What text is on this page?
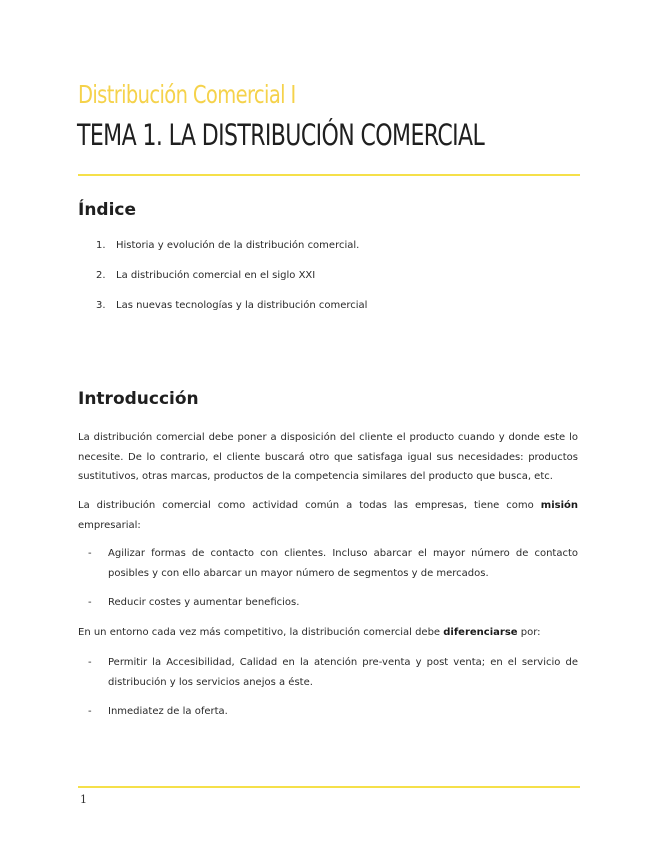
Distribución Comercial I
TEMA 1. LA DISTRIBUCIÓN COMERCIAL
Índice
1. Historia y evolución de la distribución comercial.
2. La distribución comercial en el siglo XXI
3. Las nuevas tecnologías y la distribución comercial
Introducción
La distribución comercial debe poner a disposición del cliente el producto cuando y donde este lo necesite. De lo contrario, el cliente buscará otro que satisfaga igual sus necesidades: productos sustitutivos, otras marcas, productos de la competencia similares del producto que busca, etc.
La distribución comercial como actividad común a todas las empresas, tiene como misión empresarial:
- Agilizar formas de contacto con clientes. Incluso abarcar el mayor número de contacto posibles y con ello abarcar un mayor número de segmentos y de mercados.
- Reducir costes y aumentar beneficios.
En un entorno cada vez más competitivo, la distribución comercial debe diferenciarse por:
- Permitir la Accesibilidad, Calidad en la atención pre-venta y post venta; en el servicio de distribución y los servicios anejos a éste.
- Inmediatez de la oferta.
1
